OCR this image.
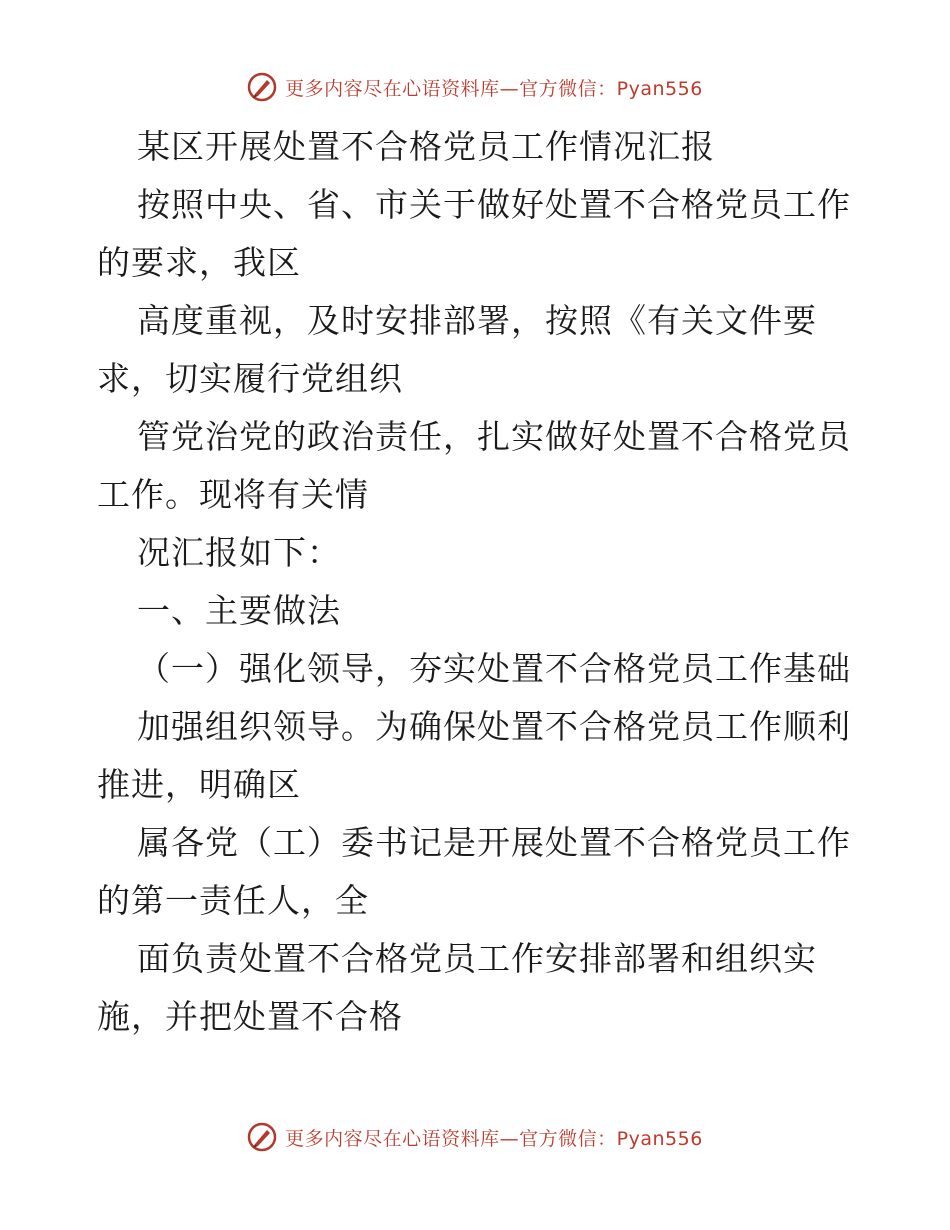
更多内容尽在心语资料库—官方微信：Pyan556
某区开展处置不合格党员工作情况汇报
按照中央、省、市关于做好处置不合格党员工作
的要求，我区
高度重视，及时安排部署，按照《有关文件要
求，切实履行党组织
管党治党的政治责任，扎实做好处置不合格党员
工作。现将有关情
况汇报如下：
一、主要做法
（一）强化领导，夯实处置不合格党员工作基础
加强组织领导。为确保处置不合格党员工作顺利
推进，明确区
属各党（工）委书记是开展处置不合格党员工作
的第一责任人，全
面负责处置不合格党员工作安排部署和组织实
施，并把处置不合格
更多内容尽在心语资料库—官方微信：Pyan556
